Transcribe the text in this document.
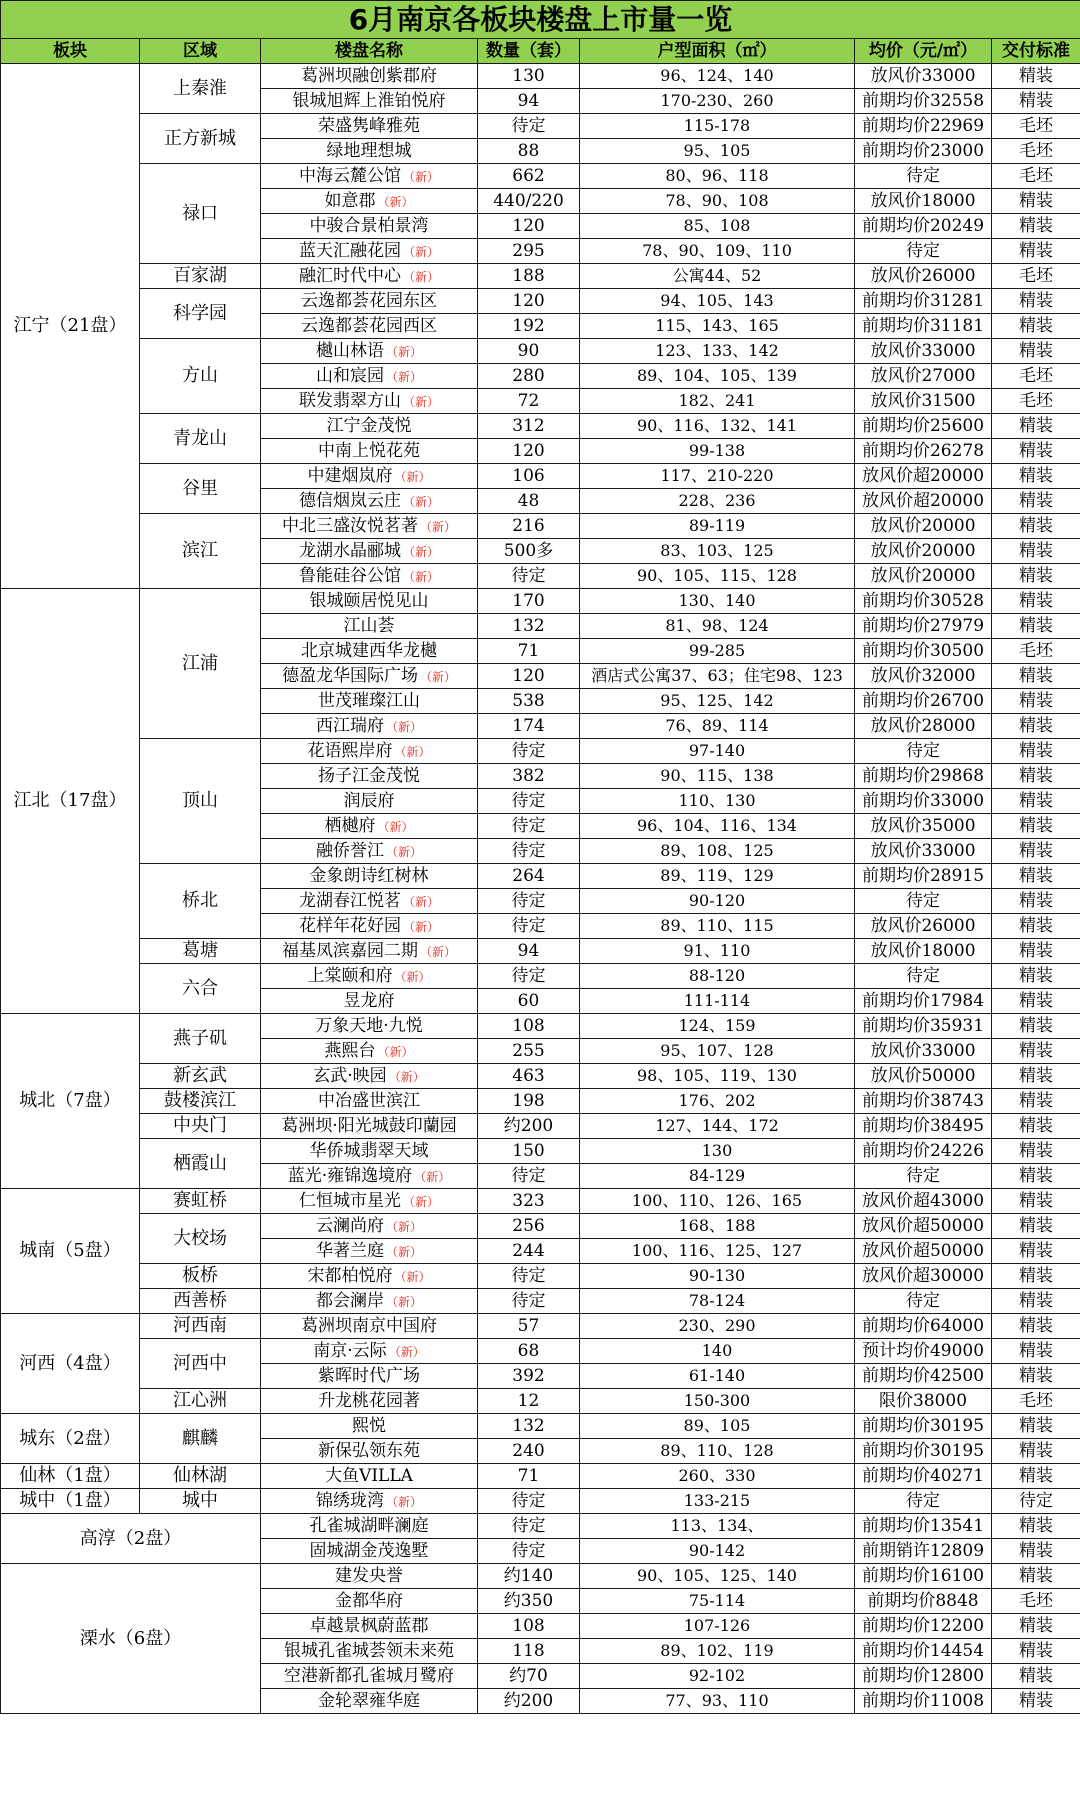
6月南京各板块楼盘上市量一览						
板块	区域	楼盘名称	数量（套）	户型面积（㎡）	均价（元/㎡）	交付标准
江宁（21盘）	上秦淮	葛洲坝融创紫郡府	130	96、124、140	放风价33000	精装
		银城旭辉上淮铂悦府	94	170-230、260	前期均价32558	精装
	正方新城	荣盛隽峰雅苑	待定	115-178	前期均价22969	毛坯
		绿地理想城	88	95、105	前期均价23000	毛坯
	禄口	中海云麓公馆 （新）	662	80、96、118	待定	毛坯
		如意郡 （新）	440/220	78、90、108	放风价18000	精装
		中骏合景柏景湾	120	85、108	前期均价20249	精装
		蓝天汇融花园 （新）	295	78、90、109、110	待定	精装
	百家湖	融汇时代中心 （新）	188	公寓44、52	放风价26000	毛坯
	科学园	云逸都荟花园东区	120	94、105、143	前期均价31281	精装
		云逸都荟花园西区	192	115、143、165	前期均价31181	精装
	方山	樾山林语 （新）	90	123、133、142	放风价33000	精装
		山和宸园 （新）	280	89、104、105、139	放风价27000	毛坯
		联发翡翠方山 （新）	72	182、241	放风价31500	毛坯
	青龙山	江宁金茂悦	312	90、116、132、141	前期均价25600	精装
		中南上悦花苑	120	99-138	前期均价26278	精装
	谷里	中建烟岚府 （新）	106	117、210-220	放风价超20000	精装
		德信烟岚云庄 （新）	48	228、236	放风价超20000	精装
	滨江	中北三盛汝悦茗著 （新）	216	89-119	放风价20000	精装
		龙湖水晶郦城 （新）	500多	83、103、125	放风价20000	精装
		鲁能硅谷公馆 （新）	待定	90、105、115、128	放风价20000	精装
江北（17盘）	江浦	银城颐居悦见山	170	130、140	前期均价30528	精装
		江山荟	132	81、98、124	前期均价27979	精装
		北京城建西华龙樾	71	99-285	前期均价30500	毛坯
		德盈龙华国际广场 （新）	120	酒店式公寓37、63；住宅98、123	放风价32000	精装
		世茂璀璨江山	538	95、125、142	前期均价26700	精装
		西江瑞府 （新）	174	76、89、114	放风价28000	精装
	顶山	花语熙岸府 （新）	待定	97-140	待定	精装
		扬子江金茂悦	382	90、115、138	前期均价29868	精装
		润辰府	待定	110、130	前期均价33000	精装
		栖樾府 （新）	待定	96、104、116、134	放风价35000	精装
		融侨誉江 （新）	待定	89、108、125	放风价33000	精装
	桥北	金象朗诗红树林	264	89、119、129	前期均价28915	精装
		龙湖春江悦茗 （新）	待定	90-120	待定	精装
		花样年花好园 （新）	待定	89、110、115	放风价26000	精装
	葛塘	福基凤滨嘉园二期 （新）	94	91、110	放风价18000	精装
	六合	上棠颐和府 （新）	待定	88-120	待定	精装
		昱龙府	60	111-114	前期均价17984	精装
城北（7盘）	燕子矶	万象天地·九悦	108	124、159	前期均价35931	精装
		燕熙台 （新）	255	95、107、128	放风价33000	精装
	新玄武	玄武·映园 （新）	463	98、105、119、130	放风价50000	精装
	鼓楼滨江	中冶盛世滨江	198	176、202	前期均价38743	精装
	中央门	葛洲坝·阳光城鼓印蘭园	约200	127、144、172	前期均价38495	精装
	栖霞山	华侨城翡翠天域	150	130	前期均价24226	精装
		蓝光·雍锦逸境府 （新）	待定	84-129	待定	精装
城南（5盘）	赛虹桥	仁恒城市星光 （新）	323	100、110、126、165	放风价超43000	精装
	大校场	云澜尚府 （新）	256	168、188	放风价超50000	精装
		华著兰庭 （新）	244	100、116、125、127	放风价超50000	精装
	板桥	宋都柏悦府 （新）	待定	90-130	放风价超30000	精装
	西善桥	都会澜岸 （新）	待定	78-124	待定	精装
河西（4盘）	河西南	葛洲坝南京中国府	57	230、290	前期均价64000	精装
	河西中	南京·云际 （新）	68	140	预计均价49000	精装
		紫晖时代广场	392	61-140	前期均价42500	精装
	江心洲	升龙桃花园著	12	150-300	限价38000	毛坯
城东（2盘）	麒麟	熙悦	132	89、105	前期均价30195	精装
		新保弘领东苑	240	89、110、128	前期均价30195	精装
仙林（1盘）	仙林湖	大鱼VILLA	71	260、330	前期均价40271	精装
城中（1盘）	城中	锦绣珑湾 （新）	待定	133-215	待定	待定
高淳（2盘）		孔雀城湖畔澜庭	待定	113、134、	前期均价13541	精装
		固城湖金茂逸墅	待定	90-142	前期销许12809	精装
溧水（6盘）		建发央誉	约140	90、105、125、140	前期均价16100	精装
		金都华府	约350	75-114	前期均价8848	毛坯
		卓越景枫蔚蓝郡	108	107-126	前期均价12200	精装
		银城孔雀城荟领未来苑	118	89、102、119	前期均价14454	精装
		空港新都孔雀城月鹭府	约70	92-102	前期均价12800	精装
		金轮翠雍华庭	约200	77、93、110	前期均价11008	精装
